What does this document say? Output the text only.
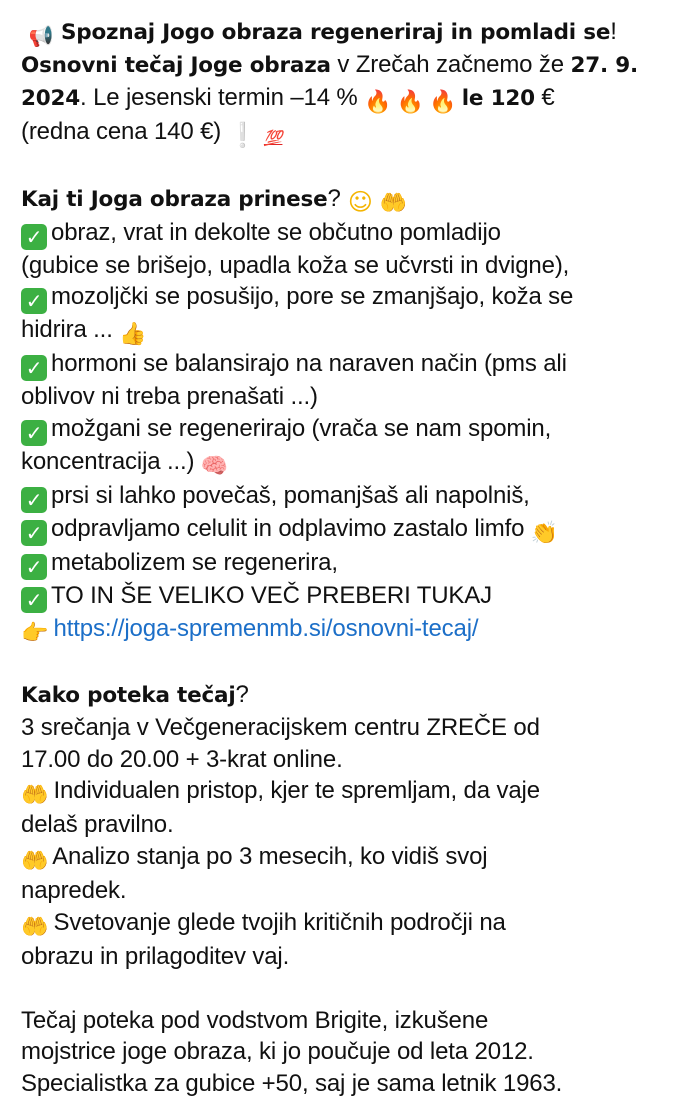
📢 Spoznaj Jogo obraza regeneriraj in pomladi se!
Osnovni tečaj Joge obraza v Zrečah začnemo že 27. 9.
2024. Le jesenski termin –14 % 🔥 🔥 🔥 le 120 €
(redna cena 140 €) ❕ 💯
Kaj ti Joga obraza prinese? ☺ 🤲
✓ obraz, vrat in dekolte se občutno pomladijo
(gubice se brišejo, upadla koža se učvrsti in dvigne),
✓ mozoljčki se posušijo, pore se zmanjšajo, koža se
hidrira ... 👍
✓ hormoni se balansirajo na naraven način (pms ali
oblivov ni treba prenašati ...)
✓ možgani se regenerirajo (vrača se nam spomin,
koncentracija ...) 🧠
✓ prsi si lahko povečaš, pomanjšaš ali napolniš,
✓ odpravljamo celulit in odplavimo zastalo limfo 👏
✓ metabolizem se regenerira,
✓ TO IN ŠE VELIKO VEČ PREBERI TUKAJ
👉 https://joga-spremenmb.si/osnovni-tecaj/
Kako poteka tečaj?
3 srečanja v Večgeneracijskem centru ZREČE od
17.00 do 20.00 + 3-krat online.
🤲 Individualen pristop, kjer te spremljam, da vaje
delaš pravilno.
🤲 Analizo stanja po 3 mesecih, ko vidiš svoj
napredek.
🤲 Svetovanje glede tvojih kritičnih področji na
obrazu in prilagoditev vaj.
Tečaj poteka pod vodstvom Brigite, izkušene
mojstrice joge obraza, ki jo poučuje od leta 2012.
Specialistka za gubice +50, saj je sama letnik 1963.
